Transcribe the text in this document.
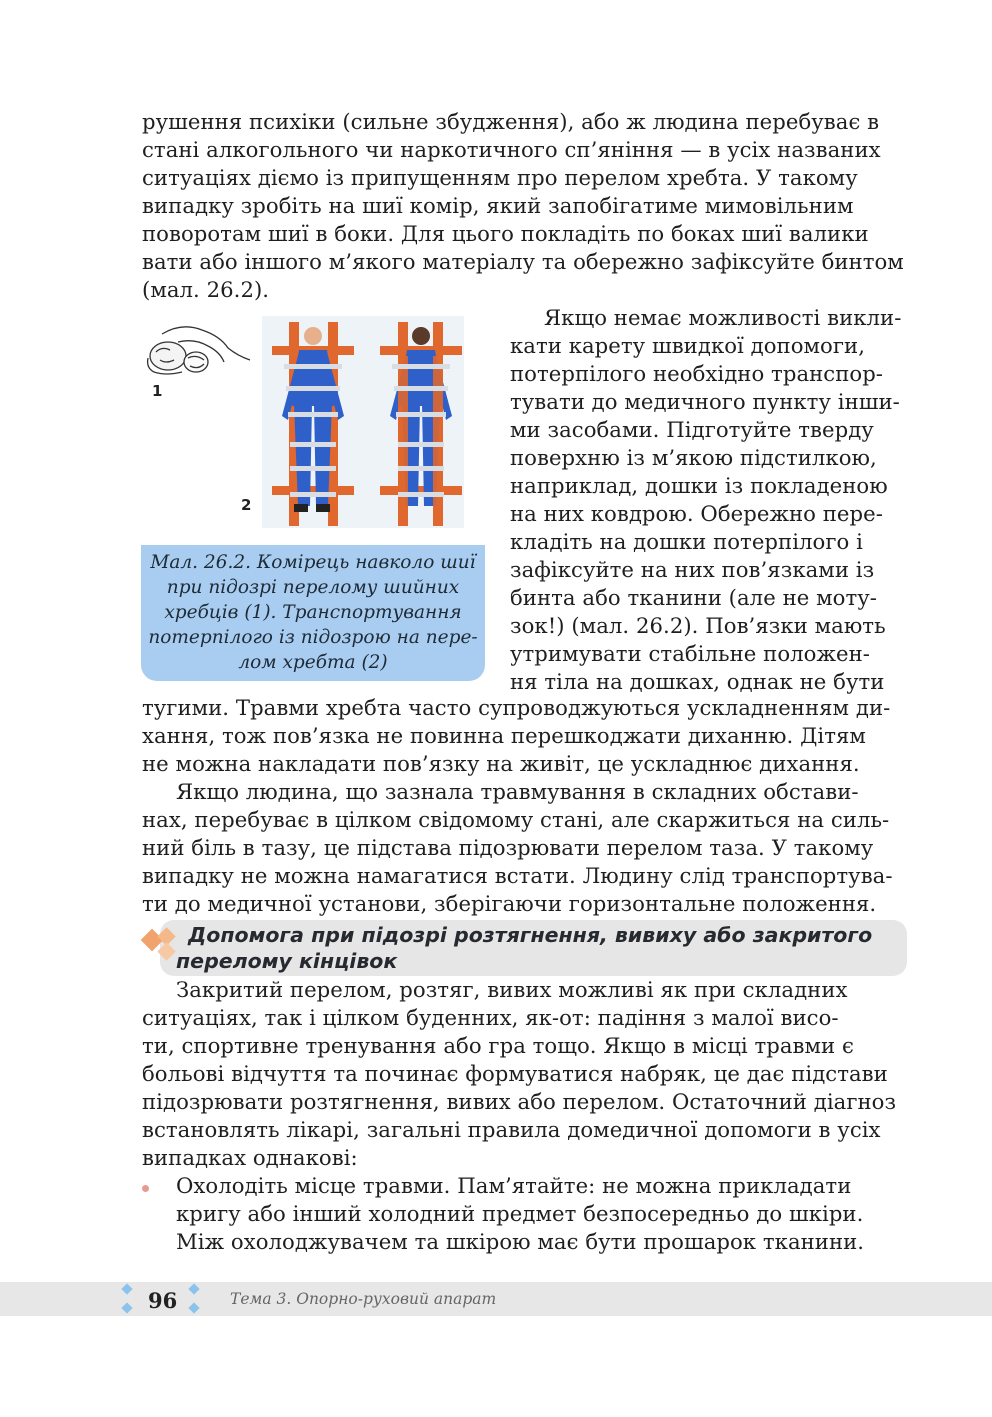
рушення психіки (сильне збудження), або ж людина перебуває в
стані алкогольного чи наркотичного сп’яніння — в усіх названих
ситуаціях діємо із припущенням про перелом хребта. У такому
випадку зробіть на шиї комір, який запобігатиме мимовільним
поворотам шиї в боки. Для цього покладіть по боках шиї валики
вати або іншого м’якого матеріалу та обережно зафіксуйте бинтом
(мал. 26.2).
1
2
Мал. 26.2. Комірець навколо шиї
при підозрі перелому шийних
хребців (1). Транспортування
потерпілого із підозрою на пере-
лом хребта (2)
Якщо немає можливості викли-
кати карету швидкої допомоги,
потерпілого необхідно транспор-
тувати до медичного пункту інши-
ми засобами. Підготуйте тверду
поверхню із м’якою підстилкою,
наприклад, дошки із покладеною
на них ковдрою. Обережно пере-
кладіть на дошки потерпілого і
зафіксуйте на них пов’язками із
бинта або тканини (але не моту-
зок!) (мал. 26.2). Пов’язки мають
утримувати стабільне положен-
ня тіла на дошках, однак не бути
тугими. Травми хребта часто супроводжуються ускладненням ди-
хання, тож пов’язка не повинна перешкоджати диханню. Дітям
не можна накладати пов’язку на живіт, це ускладнює дихання.
Якщо людина, що зазнала травмування в складних обстави-
нах, перебуває в цілком свідомому стані, але скаржиться на силь-
ний біль в тазу, це підстава підозрювати перелом таза. У такому
випадку не можна намагатися встати. Людину слід транспортува-
ти до медичної установи, зберігаючи горизонтальне положення.
Допомога при підозрі розтягнення, вивиху або закритого
перелому кінцівок
Закритий перелом, розтяг, вивих можливі як при складних
ситуаціях, так і цілком буденних, як-от: падіння з малої висо-
ти, спортивне тренування або гра тощо. Якщо в місці травми є
больові відчуття та починає формуватися набряк, це дає підстави
підозрювати розтягнення, вивих або перелом. Остаточний діагноз
встановлять лікарі, загальні правила домедичної допомоги в усіх
випадках однакові:
Охолодіть місце травми. Пам’ятайте: не можна прикладати
кригу або інший холодний предмет безпосередньо до шкіри.
Між охолоджувачем та шкірою має бути прошарок тканини.
96	Тема 3. Опорно-руховий апарат
